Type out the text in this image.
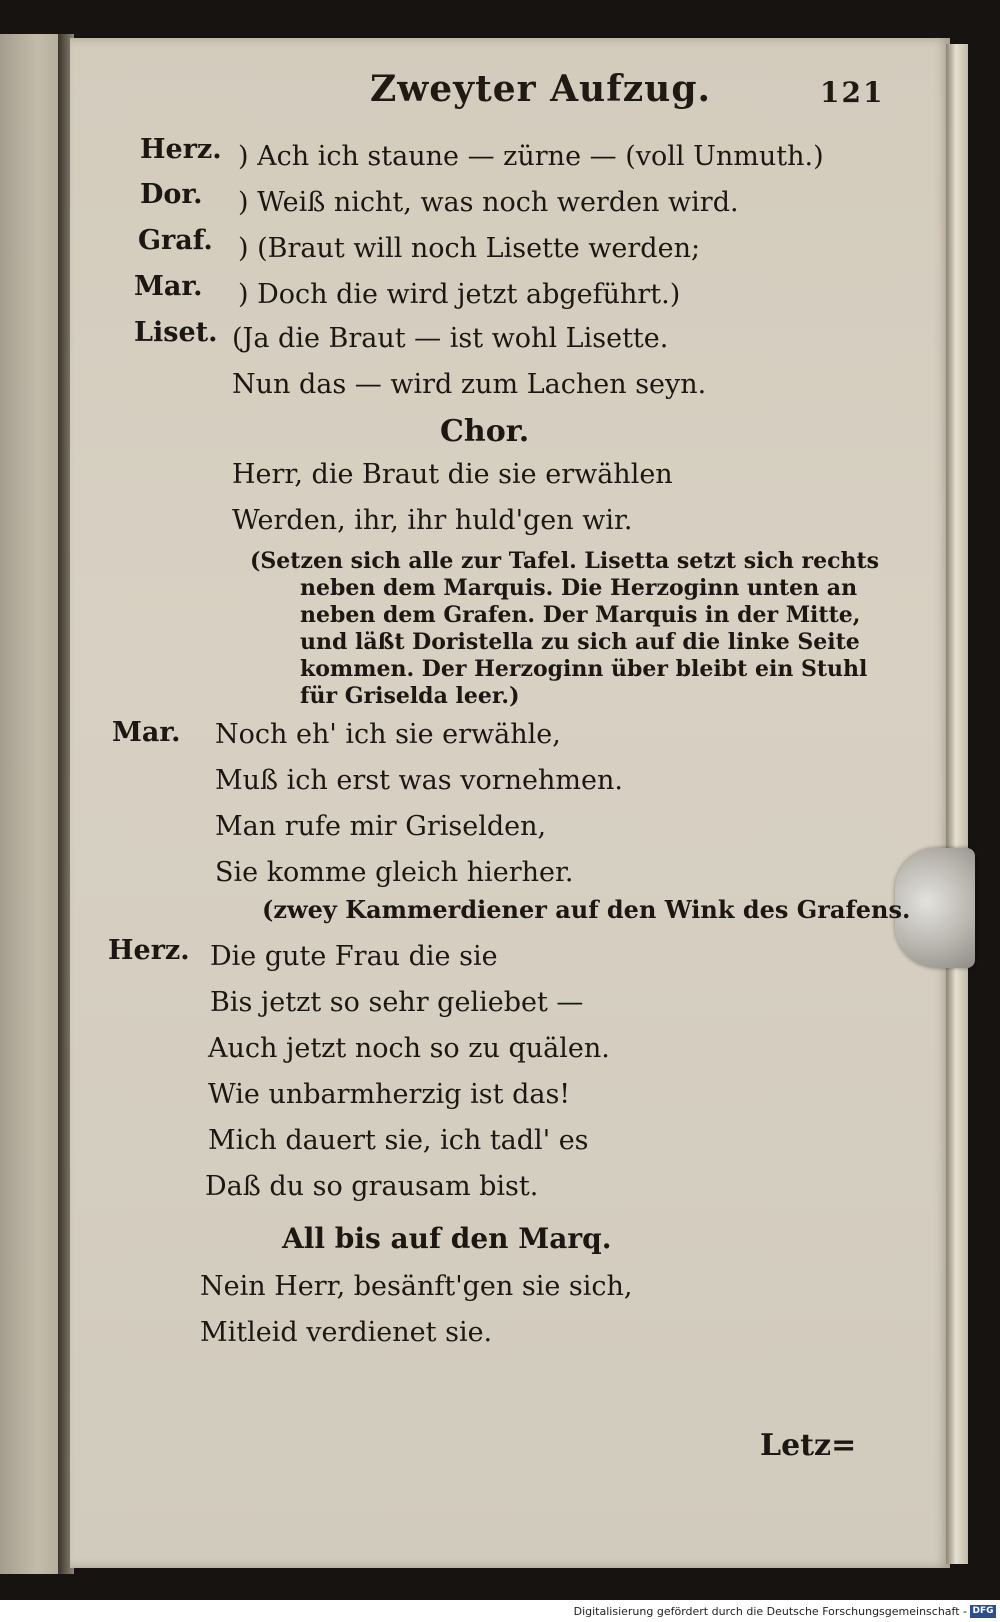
Zweyter Aufzug.	121
Herz. ) Ach ich staune — zürne — (voll Unmuth.)
Dor. ) Weiß nicht, was noch werden wird.
Graf. ) (Braut will noch Lisette werden;
Mar. ) Doch die wird jetzt abgeführt.)
Liset. (Ja die Braut — ist wohl Lisette.
Nun das — wird zum Lachen seyn.
Chor.
Herr, die Braut die sie erwählen
Werden, ihr, ihr huld'gen wir.
(Setzen sich alle zur Tafel. Lisetta setzt sich rechts neben dem Marquis. Die Herzoginn unten an neben dem Grafen. Der Marquis in der Mitte, und läßt Doristella zu sich auf die linke Seite kommen. Der Herzoginn über bleibt ein Stuhl für Griselda leer.)
Mar. Noch eh' ich sie erwähle,
Muß ich erst was vornehmen.
Man rufe mir Griselden,
Sie komme gleich hierher.
(zwey Kammerdiener auf den Wink des Grafens.
Herz. Die gute Frau die sie
Bis jetzt so sehr geliebet —
Auch jetzt noch so zu quälen.
Wie unbarmherzig ist das!
Mich dauert sie, ich tadl' es
Daß du so grausam bist.
All bis auf den Marq.
Nein Herr, besänft'gen sie sich,
Mitleid verdienet sie.
Letz=
Digitalisierung gefördert durch die Deutsche Forschungsgemeinschaft - DFG
